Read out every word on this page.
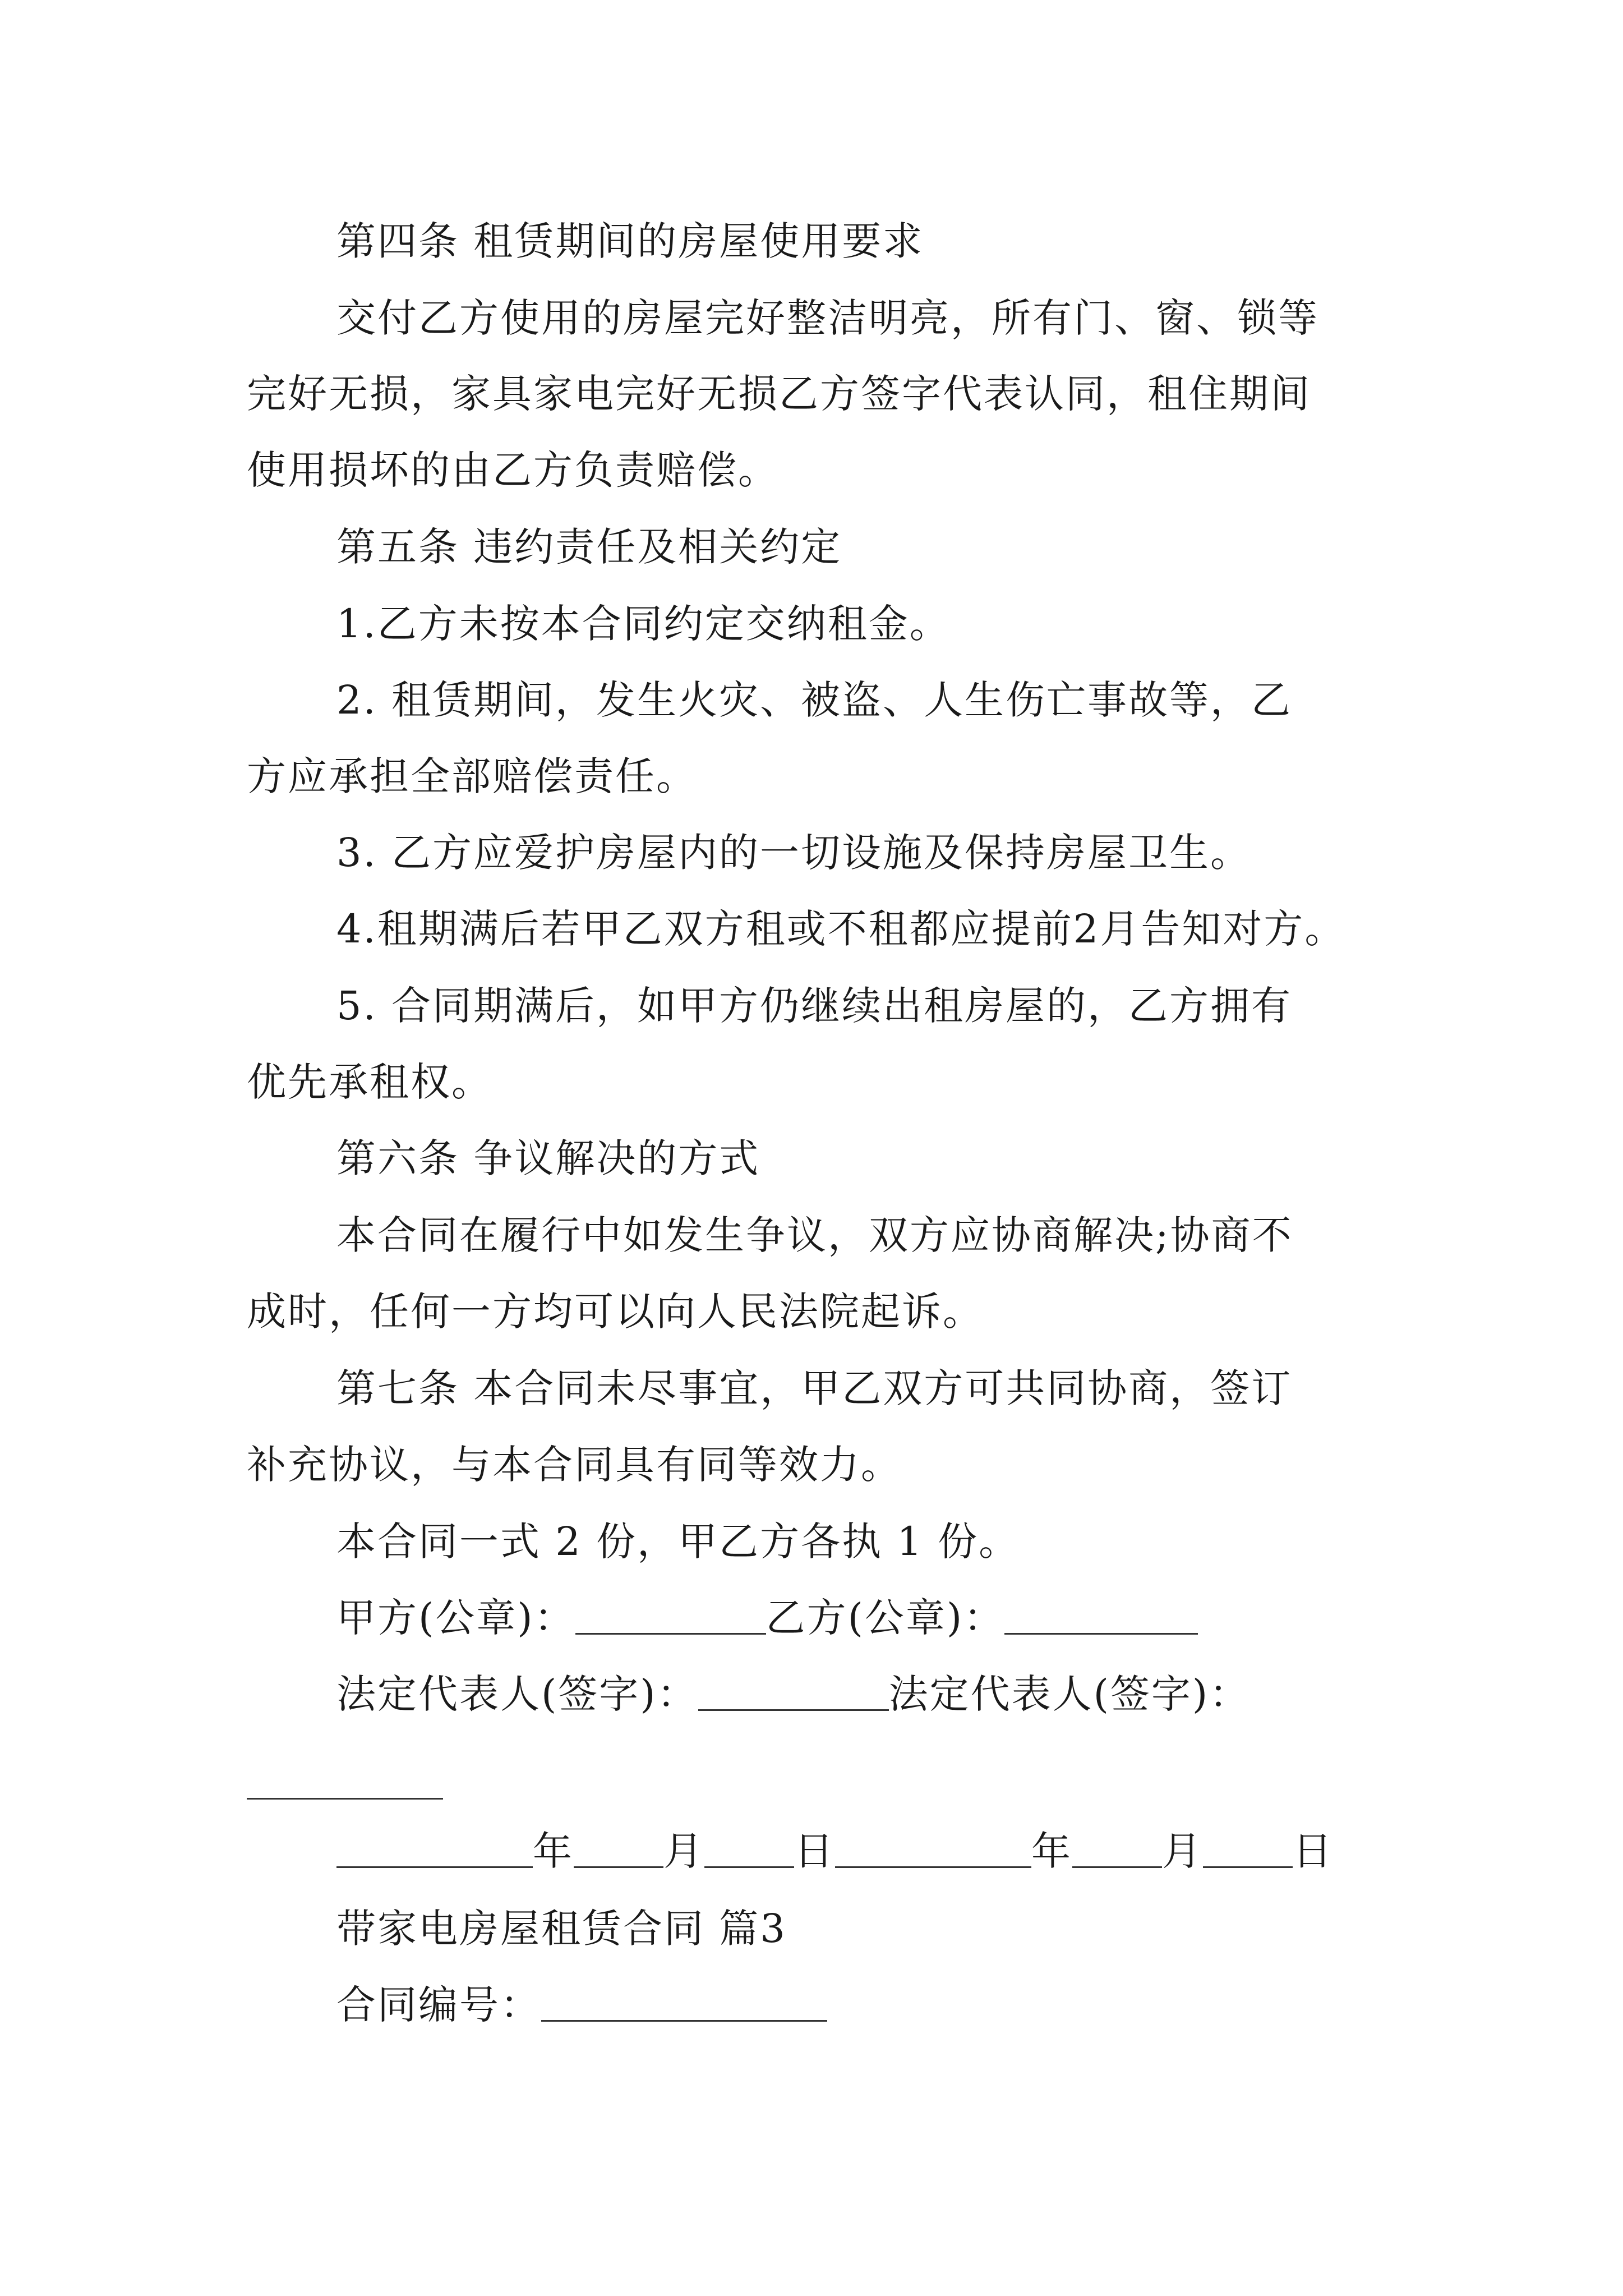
第四条 租赁期间的房屋使用要求
交付乙方使用的房屋完好整洁明亮，所有门、窗、锁等
完好无损，家具家电完好无损乙方签字代表认同，租住期间
使用损坏的由乙方负责赔偿。
第五条 违约责任及相关约定
1.乙方未按本合同约定交纳租金。
2. 租赁期间，发生火灾、被盗、人生伤亡事故等，乙
方应承担全部赔偿责任。
3. 乙方应爱护房屋内的一切设施及保持房屋卫生。
4.租期满后若甲乙双方租或不租都应提前2月告知对方。
5. 合同期满后，如甲方仍继续出租房屋的，乙方拥有
优先承租权。
第六条 争议解决的方式
本合同在履行中如发生争议，双方应协商解决;协商不
成时，任何一方均可以向人民法院起诉。
第七条 本合同未尽事宜，甲乙双方可共同协商，签订
补充协议，与本合同具有同等效力。
本合同一式 2 份，甲乙方各执 1 份。
甲方(公章)：	乙方(公章)：
法定代表人(签字)：	法定代表人(签字)：
年 月 日	年 月 日
带家电房屋租赁合同 篇3
合同编号：
